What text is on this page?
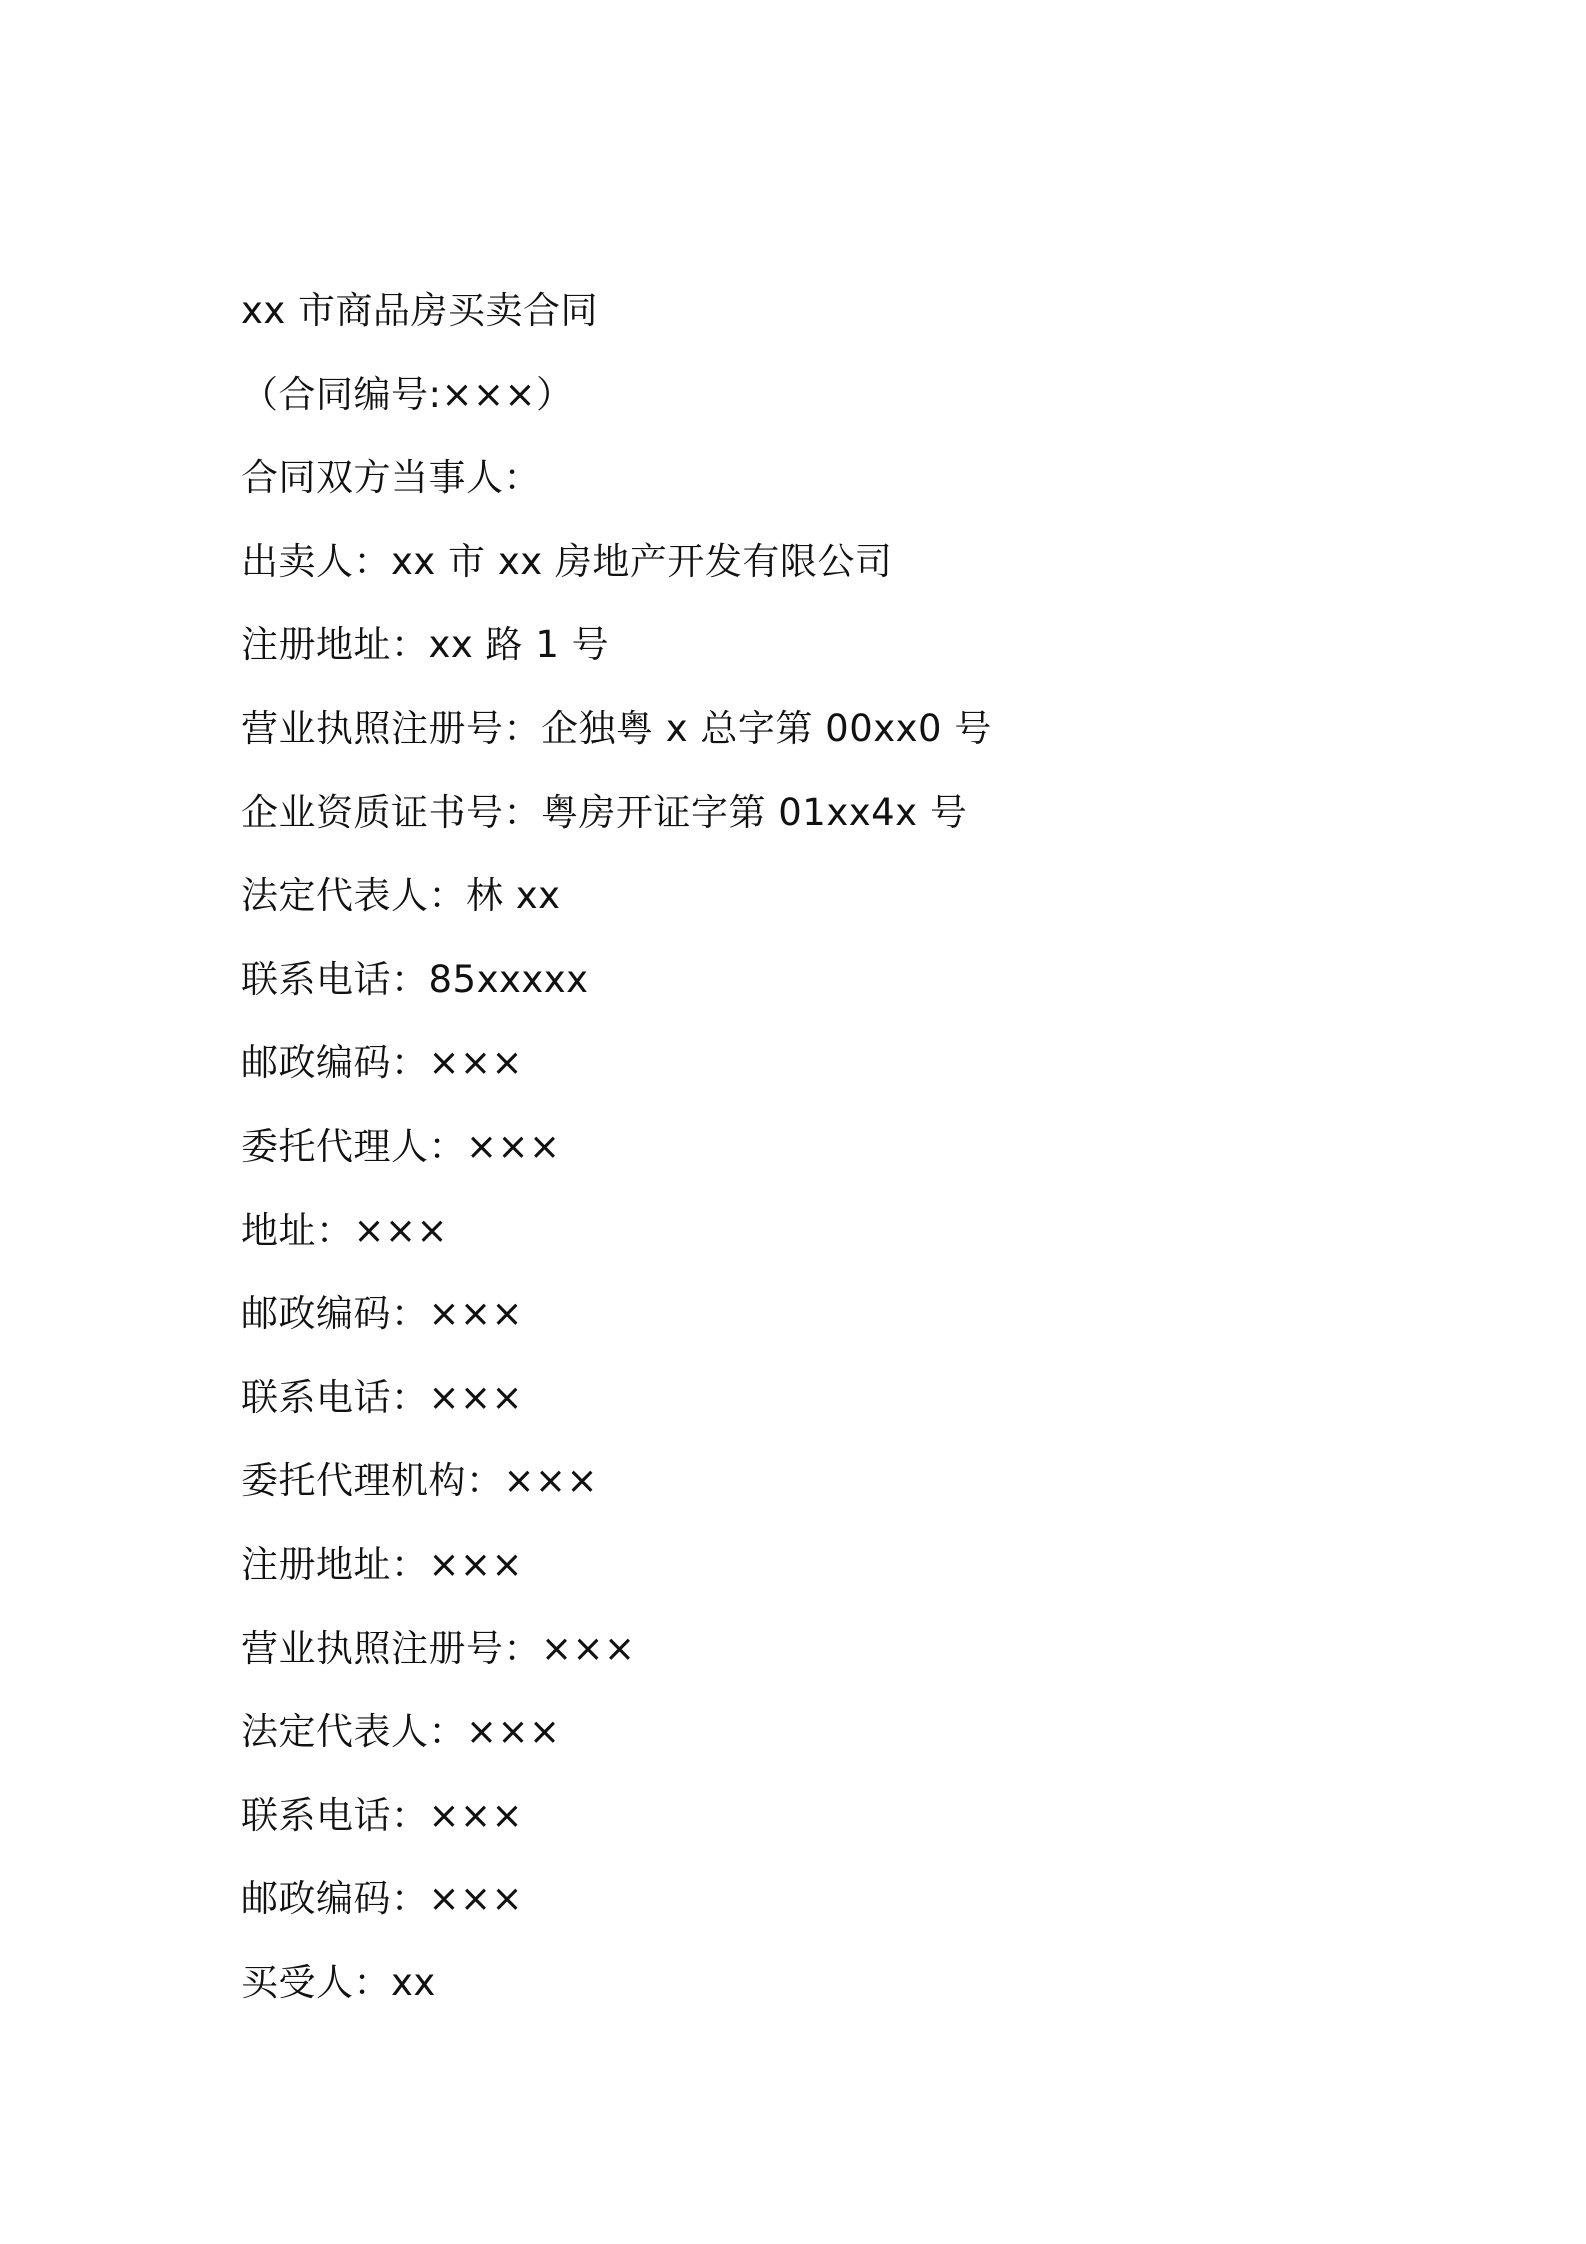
xx 市商品房买卖合同
（合同编号:×××）
合同双方当事人：
出卖人：xx 市 xx 房地产开发有限公司
注册地址：xx 路 1 号
营业执照注册号：企独粤 x 总字第 00xx0 号
企业资质证书号：粤房开证字第 01xx4x 号
法定代表人：林 xx
联系电话：85xxxxx
邮政编码：×××
委托代理人：×××
地址：×××
邮政编码：×××
联系电话：×××
委托代理机构：×××
注册地址：×××
营业执照注册号：×××
法定代表人：×××
联系电话：×××
邮政编码：×××
买受人：xx
